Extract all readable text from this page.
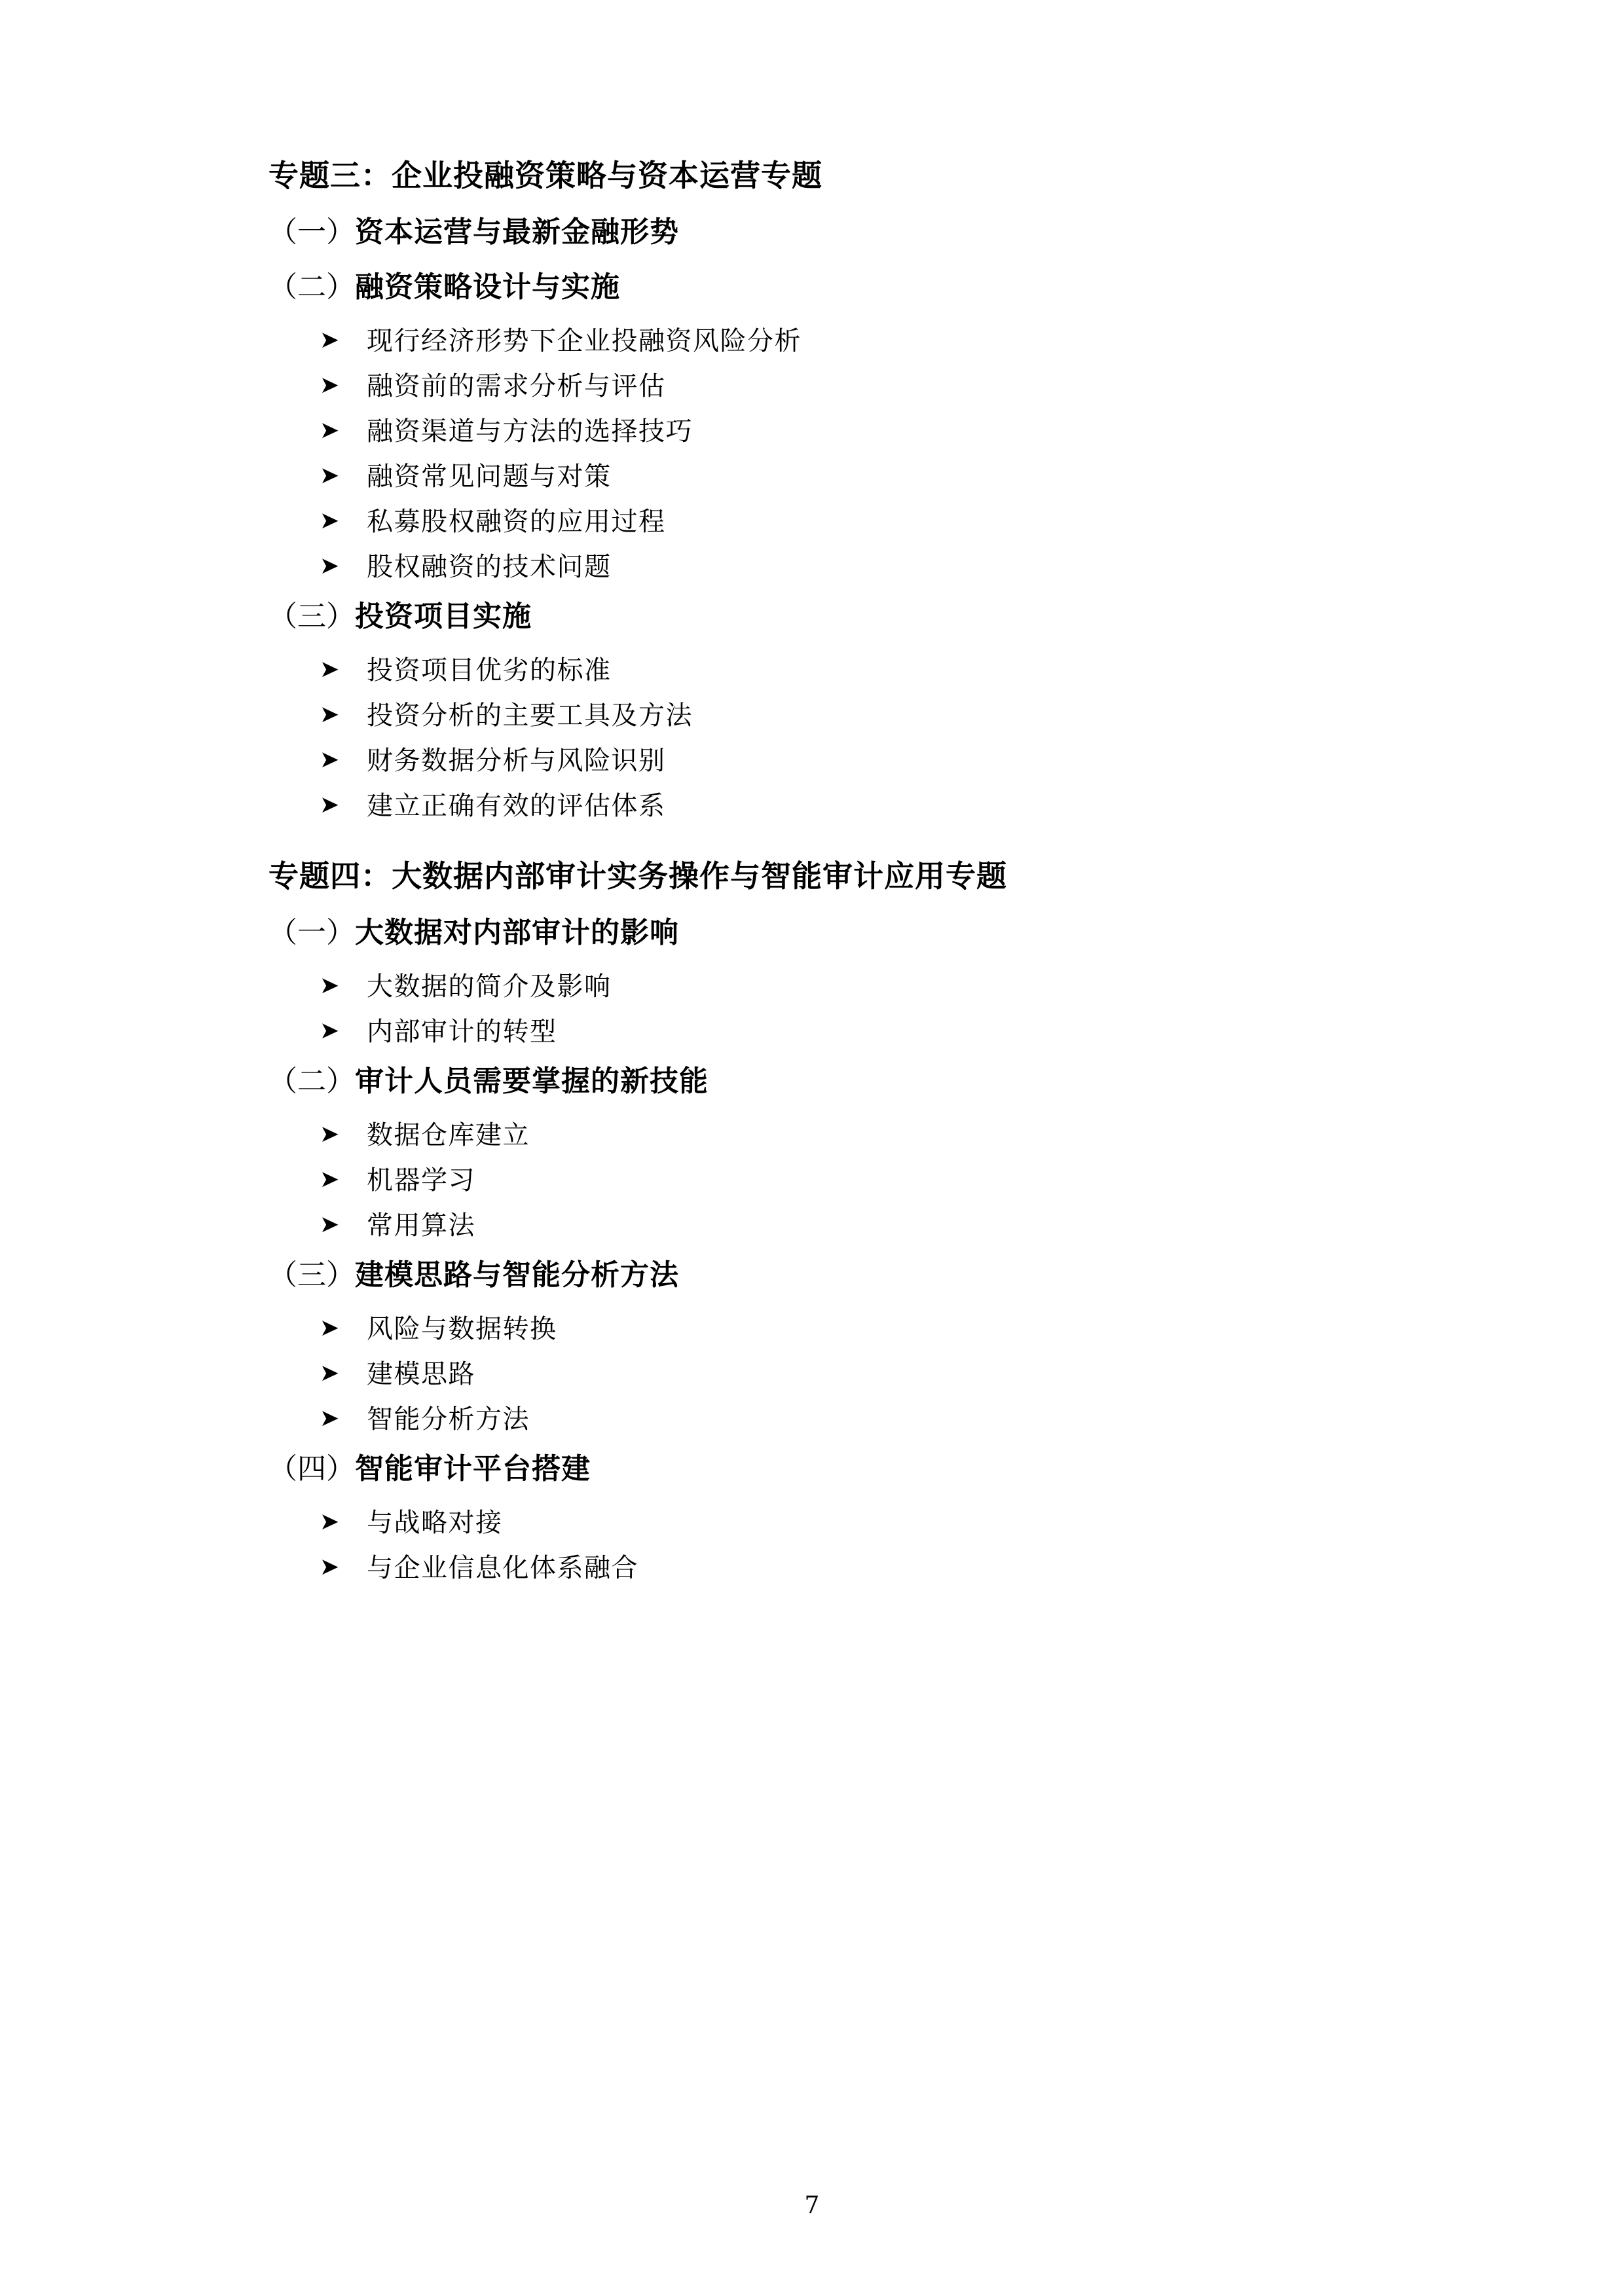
专题三：企业投融资策略与资本运营专题
（一）资本运营与最新金融形势
（二）融资策略设计与实施
➤ 现行经济形势下企业投融资风险分析
➤ 融资前的需求分析与评估
➤ 融资渠道与方法的选择技巧
➤ 融资常见问题与对策
➤ 私募股权融资的应用过程
➤ 股权融资的技术问题
（三）投资项目实施
➤ 投资项目优劣的标准
➤ 投资分析的主要工具及方法
➤ 财务数据分析与风险识别
➤ 建立正确有效的评估体系
专题四：大数据内部审计实务操作与智能审计应用专题
（一）大数据对内部审计的影响
➤ 大数据的简介及影响
➤ 内部审计的转型
（二）审计人员需要掌握的新技能
➤ 数据仓库建立
➤ 机器学习
➤ 常用算法
（三）建模思路与智能分析方法
➤ 风险与数据转换
➤ 建模思路
➤ 智能分析方法
（四）智能审计平台搭建
➤ 与战略对接
➤ 与企业信息化体系融合
7
